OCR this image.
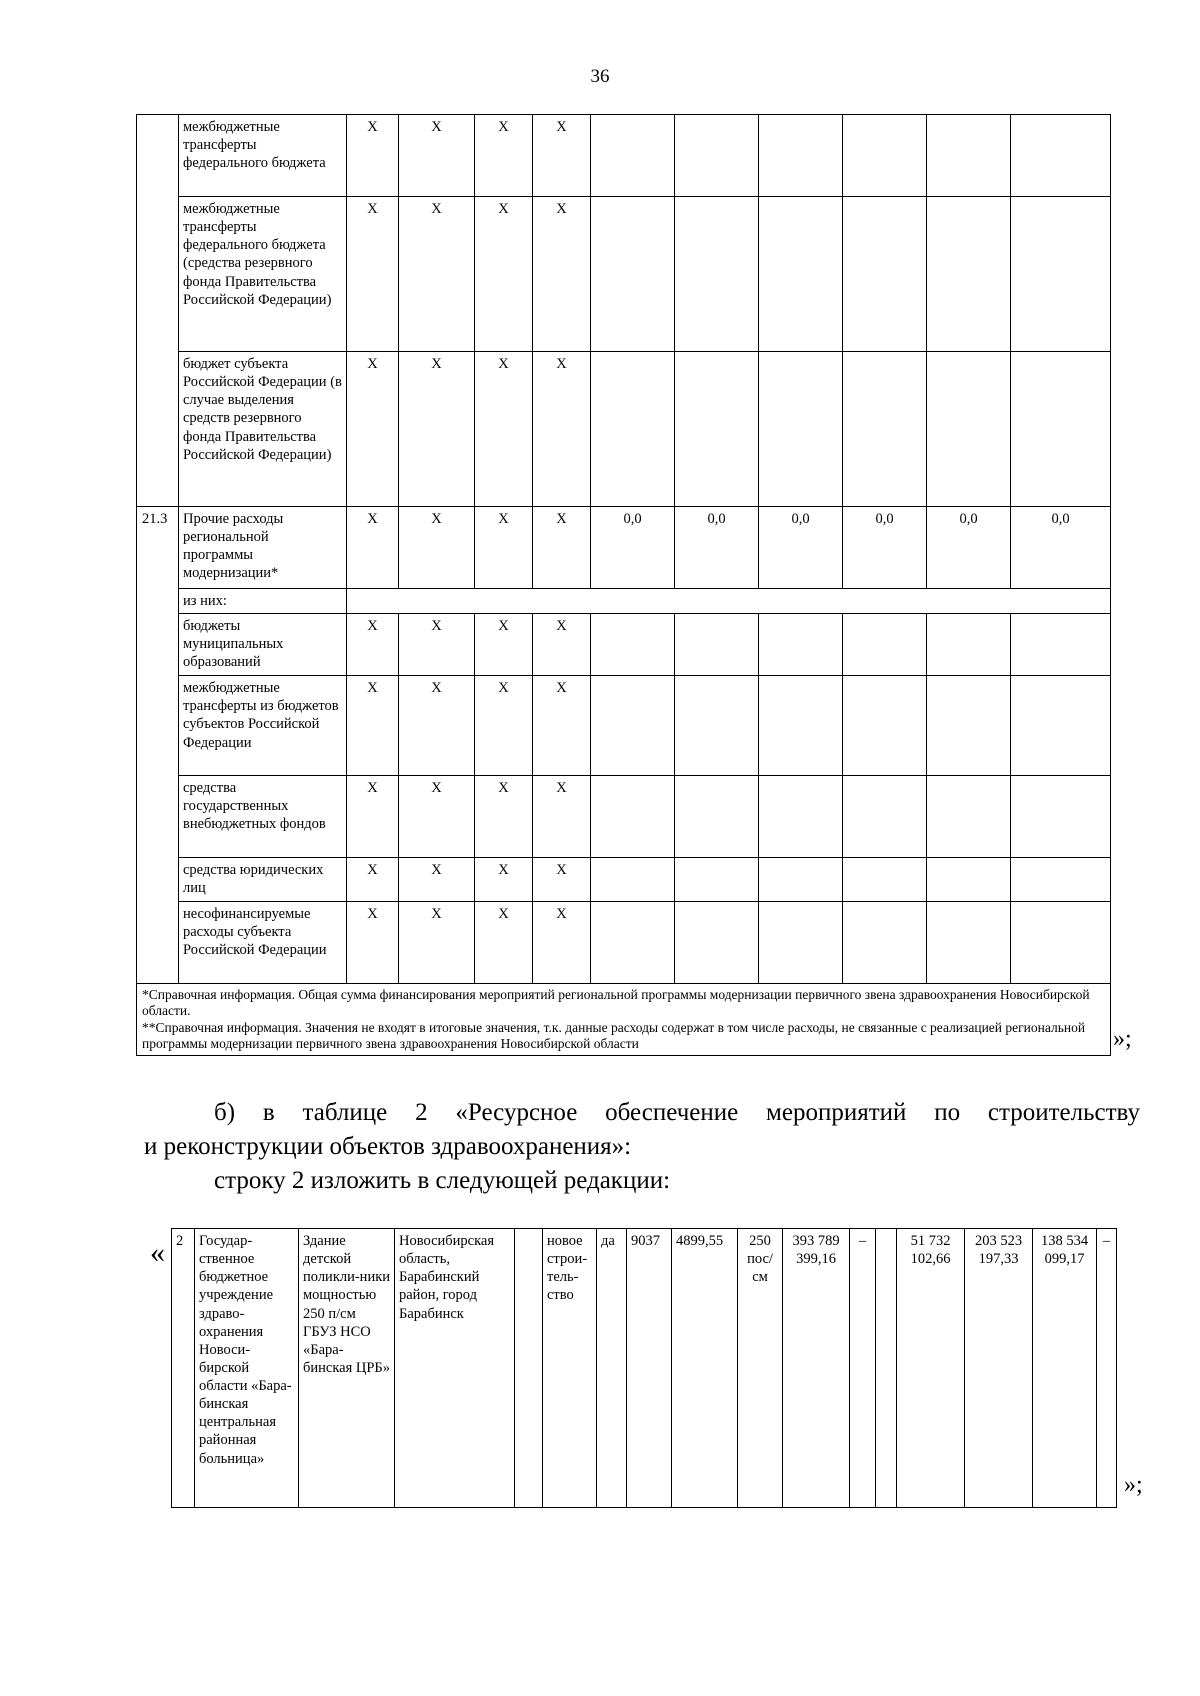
36
	межбюджетные трансферты федерального бюджета	X	X	X	X						
	межбюджетные трансферты федерального бюджета (средства резервного фонда Правительства Российской Федерации)	X	X	X	X						
	бюджет субъекта Российской Федерации (в случае выделения средств резервного фонда Правительства Российской Федерации)	X	X	X	X						
21.3	Прочие расходы региональной программы модернизации*	X	X	X	X	0,0	0,0	0,0	0,0	0,0	0,0
	из них:										
	бюджеты муниципальных образований	X	X	X	X						
	межбюджетные трансферты из бюджетов субъектов Российской Федерации	X	X	X	X						
	средства государственных внебюджетных фондов	X	X	X	X						
	средства юридических лиц	X	X	X	X						
	несофинансируемые расходы субъекта Российской Федерации	X	X	X	X						

*Справочная информация. Общая сумма финансирования мероприятий региональной программы модернизации первичного звена здравоохранения Новосибирской области.
**Справочная информация. Значения не входят в итоговые значения, т.к. данные расходы содержат в том числе расходы, не связанные с реализацией региональной программы модернизации первичного звена здравоохранения Новосибирской области												»;
б) в таблице 2 «Ресурсное обеспечение мероприятий по строительству
и реконструкции объектов здравоохранения»:
строку 2 изложить в следующей редакции:
« 2	Государ-ственное бюджетное учреждение здраво-охранения Новоси-бирской области «Бара-бинская центральная районная больница»	Здание детской поликли-ники мощностью 250 п/см ГБУЗ НСО «Бара-бинская ЦРБ»	Новосибирская область, Барабинский район, город Барабинск		новое строи-тель-ство	да	9037	4899,55	250 пос/ см	393 789 399,16	–		51 732 102,66	203 523 197,33	138 534 099,17	–
»;
